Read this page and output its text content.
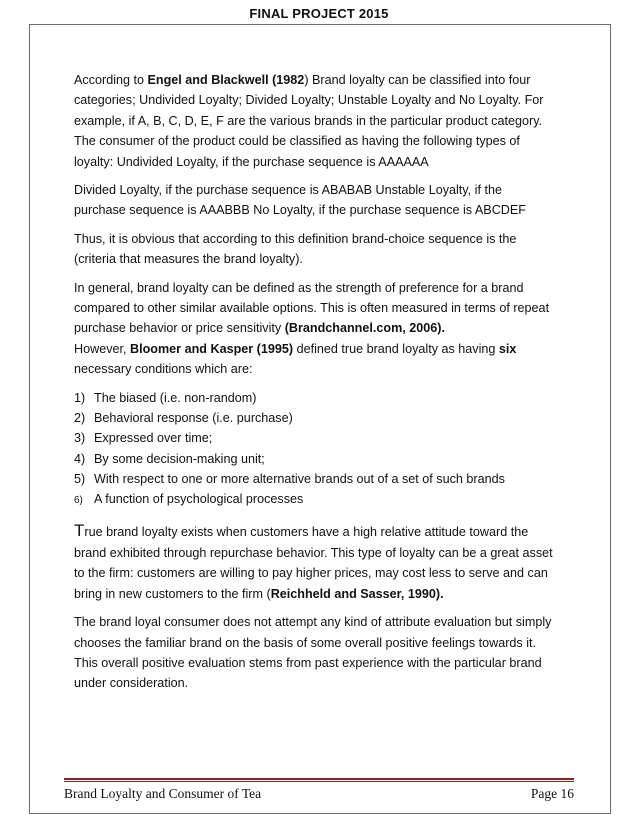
FINAL PROJECT 2015

According to Engel and Blackwell (1982) Brand loyalty can be classified into four categories; Undivided Loyalty; Divided Loyalty; Unstable Loyalty and No Loyalty. For example, if A, B, C, D, E, F are the various brands in the particular product category. The consumer of the product could be classified as having the following types of loyalty: Undivided Loyalty, if the purchase sequence is AAAAAA

Divided Loyalty, if the purchase sequence is ABABAB Unstable Loyalty, if the purchase sequence is AAABBB No Loyalty, if the purchase sequence is ABCDEF

Thus, it is obvious that according to this definition brand-choice sequence is the (criteria that measures the brand loyalty).

In general, brand loyalty can be defined as the strength of preference for a brand compared to other similar available options. This is often measured in terms of repeat purchase behavior or price sensitivity (Brandchannel.com, 2006).
However, Bloomer and Kasper (1995) defined true brand loyalty as having six necessary conditions which are:

1) The biased (i.e. non-random)
2) Behavioral response (i.e. purchase)
3) Expressed over time;
4) By some decision-making unit;
5) With respect to one or more alternative brands out of a set of such brands
6) A function of psychological processes

True brand loyalty exists when customers have a high relative attitude toward the brand exhibited through repurchase behavior. This type of loyalty can be a great asset to the firm: customers are willing to pay higher prices, may cost less to serve and can bring in new customers to the firm (Reichheld and Sasser, 1990).

The brand loyal consumer does not attempt any kind of attribute evaluation but simply chooses the familiar brand on the basis of some overall positive feelings towards it. This overall positive evaluation stems from past experience with the particular brand under consideration.

Brand Loyalty and Consumer of Tea	Page 16
